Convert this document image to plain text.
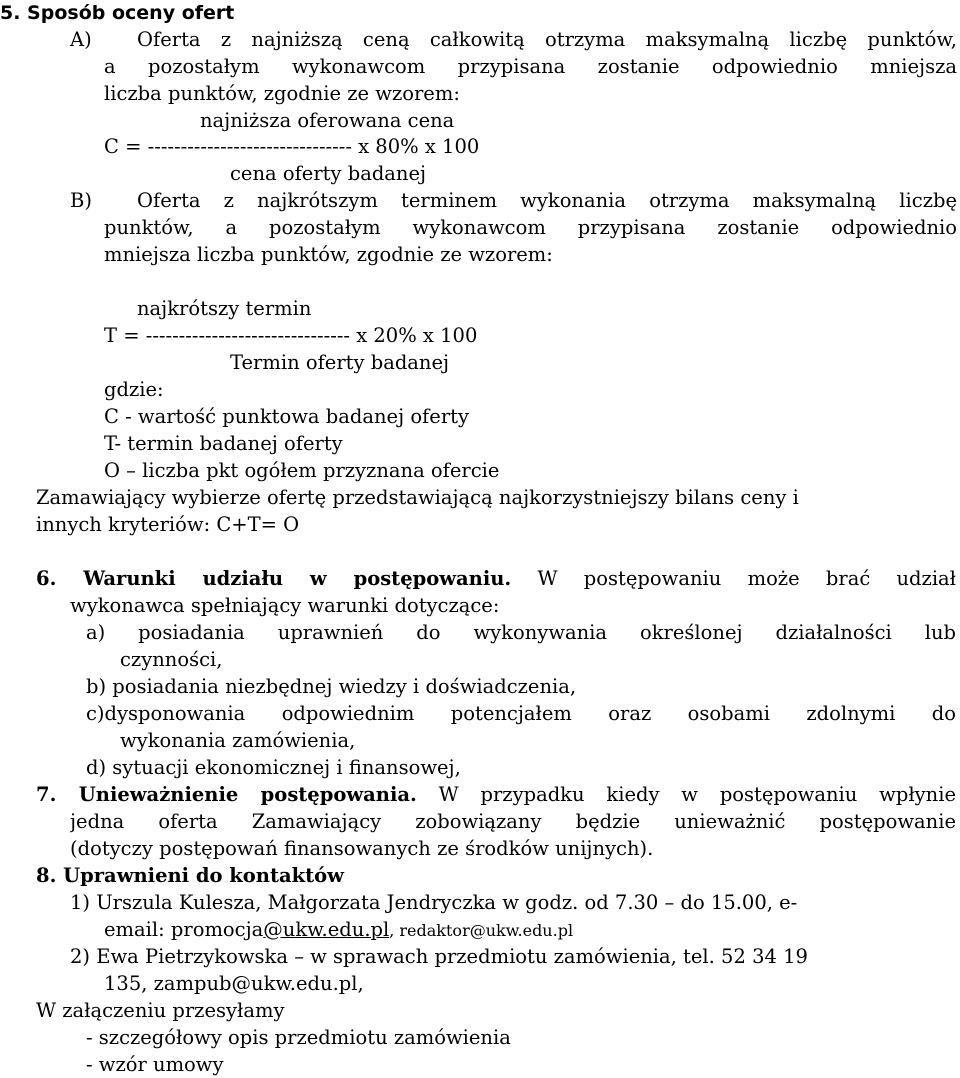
5. Sposób oceny ofert
A) Oferta z najniższą ceną całkowitą otrzyma maksymalną liczbę punktów,
a pozostałym wykonawcom przypisana zostanie odpowiednio mniejsza
liczba punktów, zgodnie ze wzorem:
najniższa oferowana cena
C = ------------------------------- x 80% x 100
cena oferty badanej
B) Oferta z najkrótszym terminem wykonania otrzyma maksymalną liczbę
punktów, a pozostałym wykonawcom przypisana zostanie odpowiednio
mniejsza liczba punktów, zgodnie ze wzorem:
najkrótszy termin
T = ------------------------------- x 20% x 100
Termin oferty badanej
gdzie:
C - wartość punktowa badanej oferty
T- termin badanej oferty
O – liczba pkt ogółem przyznana ofercie
Zamawiający wybierze ofertę przedstawiającą najkorzystniejszy bilans ceny i
innych kryteriów: C+T= O
6. Warunki udziału w postępowaniu. W postępowaniu może brać udział
wykonawca spełniający warunki dotyczące:
a) posiadania uprawnień do wykonywania określonej działalności lub
czynności,
b) posiadania niezbędnej wiedzy i doświadczenia,
c)dysponowania odpowiednim potencjałem oraz osobami zdolnymi do
wykonania zamówienia,
d) sytuacji ekonomicznej i finansowej,
7. Unieważnienie postępowania. W przypadku kiedy w postępowaniu wpłynie
jedna oferta Zamawiający zobowiązany będzie unieważnić postępowanie
(dotyczy postępowań finansowanych ze środków unijnych).
8. Uprawnieni do kontaktów
1) Urszula Kulesza, Małgorzata Jendryczka w godz. od 7.30 – do 15.00, e-
email: promocja@ukw.edu.pl, redaktor@ukw.edu.pl
2) Ewa Pietrzykowska – w sprawach przedmiotu zamówienia, tel. 52 34 19
135, zampub@ukw.edu.pl,
W załączeniu przesyłamy
- szczegółowy opis przedmiotu zamówienia
- wzór umowy
